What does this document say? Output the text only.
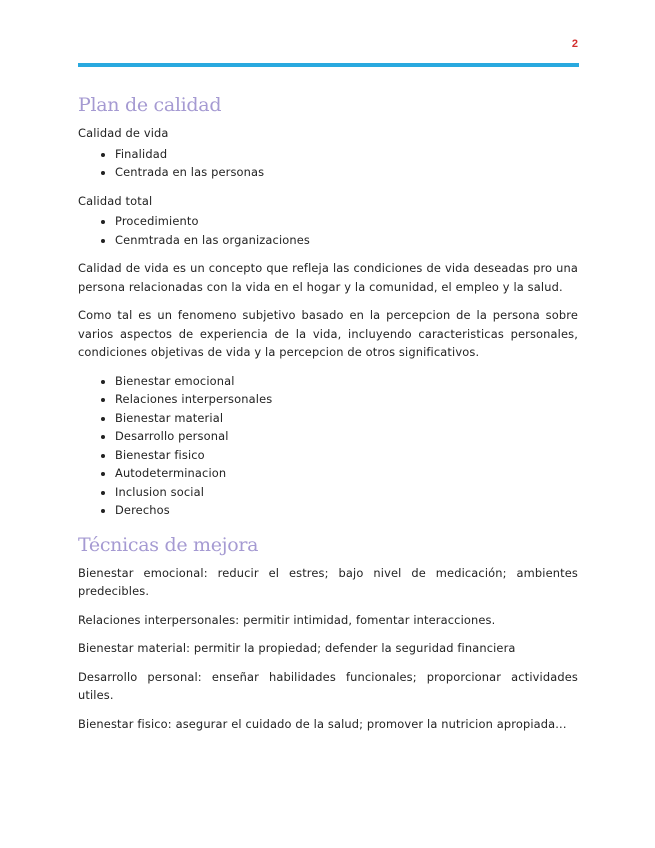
2
Plan de calidad

Calidad de vida

• Finalidad
• Centrada en las personas

Calidad total

• Procedimiento
• Cenmtrada en las organizaciones

Calidad de vida es un concepto que refleja las condiciones de vida deseadas pro una persona relacionadas con la vida en el hogar y la comunidad, el empleo y la salud.

Como tal es un fenomeno subjetivo basado en la percepcion de la persona sobre varios aspectos de experiencia de la vida, incluyendo caracteristicas personales, condiciones objetivas de vida y la percepcion de otros significativos.

• Bienestar emocional
• Relaciones interpersonales
• Bienestar material
• Desarrollo personal
• Bienestar fisico
• Autodeterminacion
• Inclusion social
• Derechos
Técnicas de mejora

Bienestar emocional: reducir el estres; bajo nivel de medicación; ambientes predecibles.

Relaciones interpersonales: permitir intimidad, fomentar interacciones.

Bienestar material: permitir la propiedad; defender la seguridad financiera

Desarrollo personal: enseñar habilidades funcionales; proporcionar actividades utiles.

Bienestar fisico: asegurar el cuidado de la salud; promover la nutricion apropiada...
